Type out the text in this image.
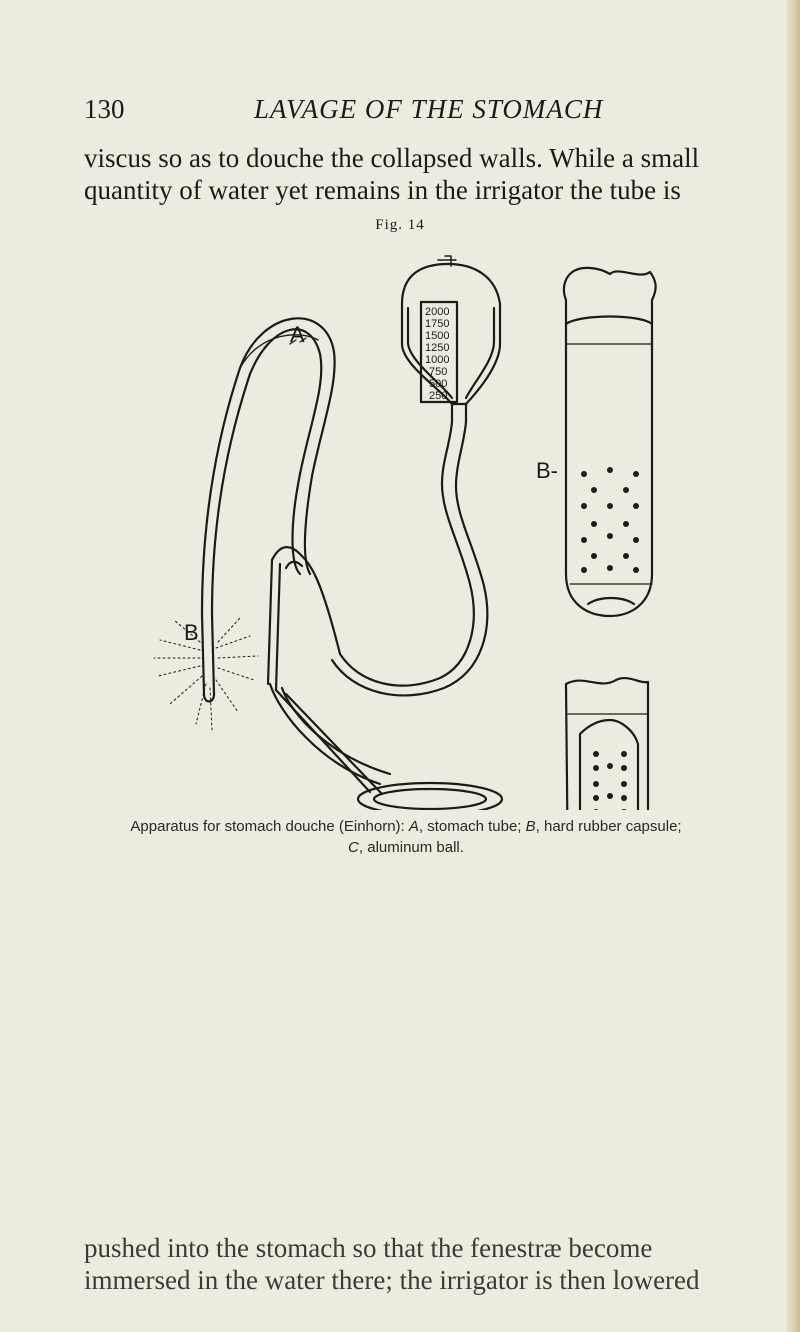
130	LAVAGE OF THE STOMACH

viscus so as to douche the collapsed walls. While a small
quantity of water yet remains in the irrigator the tube is

Fig. 14
2000
1750
1500
1250
1000
750
500
250
A
B
B-
Apparatus for stomach douche (Einhorn): A, stomach tube; B, hard rubber capsule;
C, aluminum ball.

pushed into the stomach so that the fenestræ become
immersed in the water there; the irrigator is then lowered
